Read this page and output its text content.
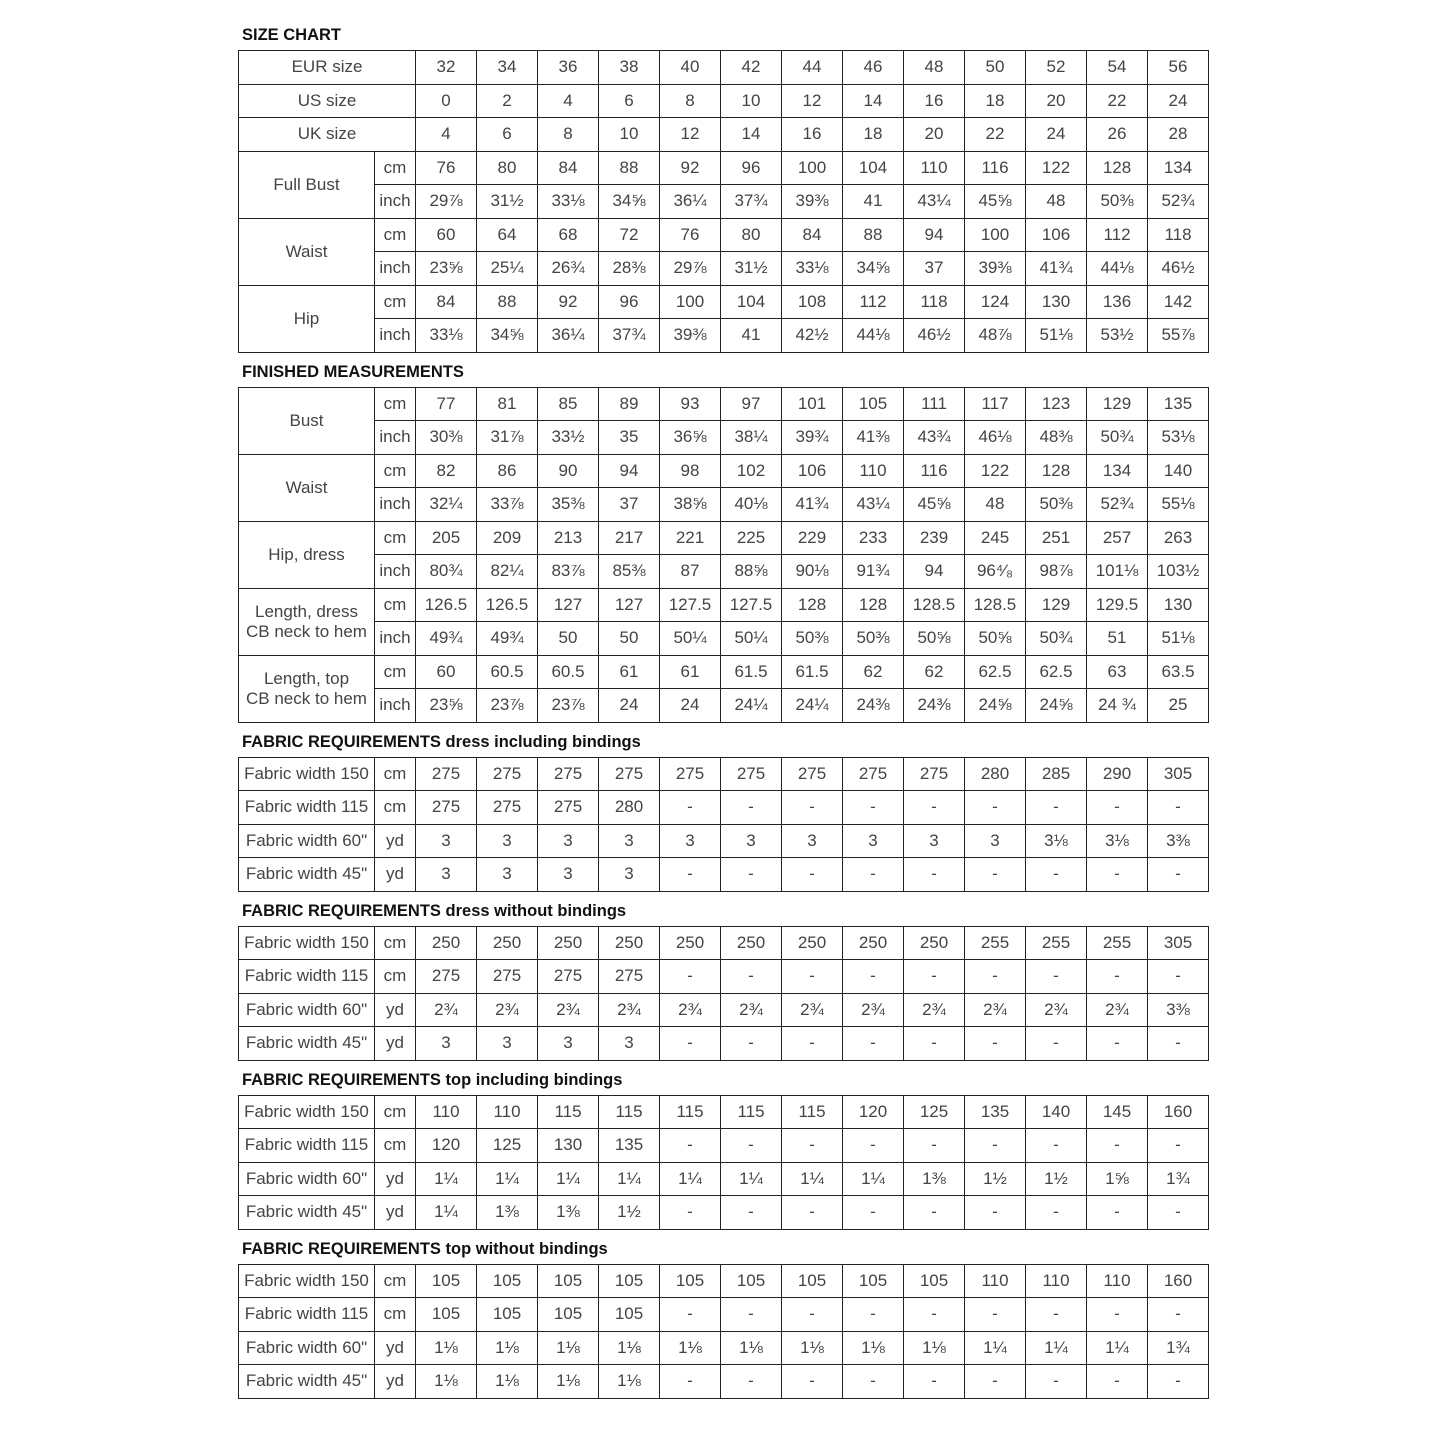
SIZE CHART
EUR size		32	34	36	38	40	42	44	46	48	50	52	54	56
US size		0	2	4	6	8	10	12	14	16	18	20	22	24
UK size		4	6	8	10	12	14	16	18	20	22	24	26	28

Full Bust	cm	76	80	84	88	92	96	100	104	110	116	122	128	134
	inch	29⅞	31½	33⅛	34⅝	36¼	37¾	39⅜	41	43¼	45⅝	48	50⅜	52¾

Waist	cm	60	64	68	72	76	80	84	88	94	100	106	112	118
	inch	23⅝	25¼	26¾	28⅜	29⅞	31½	33⅛	34⅝	37	39⅜	41¾	44⅛	46½

Hip	cm	84	88	92	96	100	104	108	112	118	124	130	136	142
	inch	33⅛	34⅝	36¼	37¾	39⅜	41	42½	44⅛	46½	48⅞	51⅛	53½	55⅞
FINISHED MEASUREMENTS
Bust	cm	77	81	85	89	93	97	101	105	111	117	123	129	135
	inch	30⅜	31⅞	33½	35	36⅝	38¼	39¾	41⅜	43¾	46⅛	48⅜	50¾	53⅛

Waist	cm	82	86	90	94	98	102	106	110	116	122	128	134	140
	inch	32¼	33⅞	35⅜	37	38⅝	40⅛	41¾	43¼	45⅝	48	50⅜	52¾	55⅛

Hip, dress	cm	205	209	213	217	221	225	229	233	239	245	251	257	263
	inch	80¾	82¼	83⅞	85⅜	87	88⅝	90⅛	91¾	94	96⁴⁄₈	98⅞	101⅛	103½

Length, dress
CB neck to hem	cm	126.5	126.5	127	127	127.5	127.5	128	128	128.5	128.5	129	129.5	130
	inch	49¾	49¾	50	50	50¼	50¼	50⅜	50⅜	50⅝	50⅝	50¾	51	51⅛

Length, top
CB neck to hem	cm	60	60.5	60.5	61	61	61.5	61.5	62	62	62.5	62.5	63	63.5
	inch	23⅝	23⅞	23⅞	24	24	24¼	24¼	24⅜	24⅜	24⅝	24⅝	24 ¾	25
FABRIC REQUIREMENTS dress including bindings
Fabric width 150	cm	275	275	275	275	275	275	275	275	275	280	285	290	305
Fabric width 115	cm	275	275	275	280	-	-	-	-	-	-	-	-	-
Fabric width 60"	yd	3	3	3	3	3	3	3	3	3	3	3⅛	3⅛	3⅜
Fabric width 45"	yd	3	3	3	3	-	-	-	-	-	-	-	-	-
FABRIC REQUIREMENTS dress without bindings
Fabric width 150	cm	250	250	250	250	250	250	250	250	250	255	255	255	305
Fabric width 115	cm	275	275	275	275	-	-	-	-	-	-	-	-	-
Fabric width 60"	yd	2¾	2¾	2¾	2¾	2¾	2¾	2¾	2¾	2¾	2¾	2¾	2¾	3⅜
Fabric width 45"	yd	3	3	3	3	-	-	-	-	-	-	-	-	-
FABRIC REQUIREMENTS top including bindings
Fabric width 150	cm	110	110	115	115	115	115	115	120	125	135	140	145	160
Fabric width 115	cm	120	125	130	135	-	-	-	-	-	-	-	-	-
Fabric width 60"	yd	1¼	1¼	1¼	1¼	1¼	1¼	1¼	1¼	1⅜	1½	1½	1⅝	1¾
Fabric width 45"	yd	1¼	1⅜	1⅜	1½	-	-	-	-	-	-	-	-	-
FABRIC REQUIREMENTS top without bindings
Fabric width 150	cm	105	105	105	105	105	105	105	105	105	110	110	110	160
Fabric width 115	cm	105	105	105	105	-	-	-	-	-	-	-	-	-
Fabric width 60"	yd	1⅛	1⅛	1⅛	1⅛	1⅛	1⅛	1⅛	1⅛	1⅛	1¼	1¼	1¼	1¾
Fabric width 45"	yd	1⅛	1⅛	1⅛	1⅛	-	-	-	-	-	-	-	-	-
